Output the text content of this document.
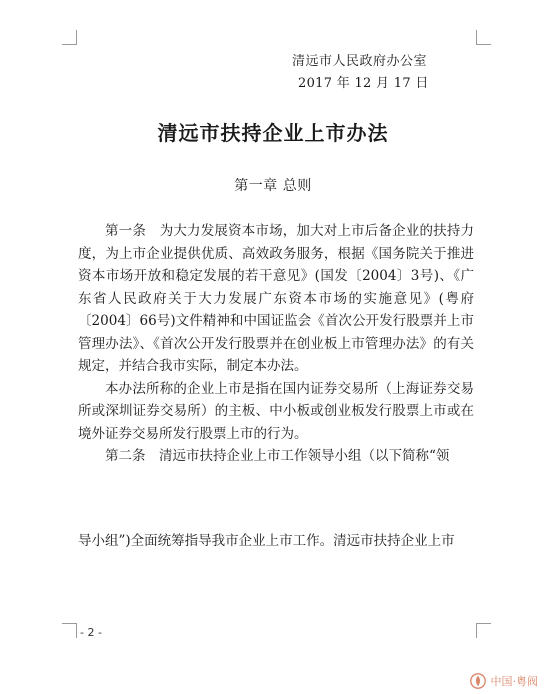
清远市人民政府办公室
2017 年 12 月 17 日
清远市扶持企业上市办法
第一章 总则

第一条　为大力发展资本市场，加大对上市后备企业的扶持力度，为上市企业提供优质、高效政务服务，根据《国务院关于推进资本市场开放和稳定发展的若干意见》(国发〔2004〕3号)、《广东省人民政府关于大力发展广东资本市场的实施意见》(粤府〔2004〕66号)文件精神和中国证监会《首次公开发行股票并上市管理办法》、《首次公开发行股票并在创业板上市管理办法》的有关规定，并结合我市实际，制定本办法。

本办法所称的企业上市是指在国内证券交易所（上海证券交易所或深圳证券交易所）的主板、中小板或创业板发行股票上市或在境外证券交易所发行股票上市的行为。

第二条　清远市扶持企业上市工作领导小组（以下简称“领

导小组”)全面统筹指导我市企业上市工作。清远市扶持企业上市

- 2 -
中国·粤阀
